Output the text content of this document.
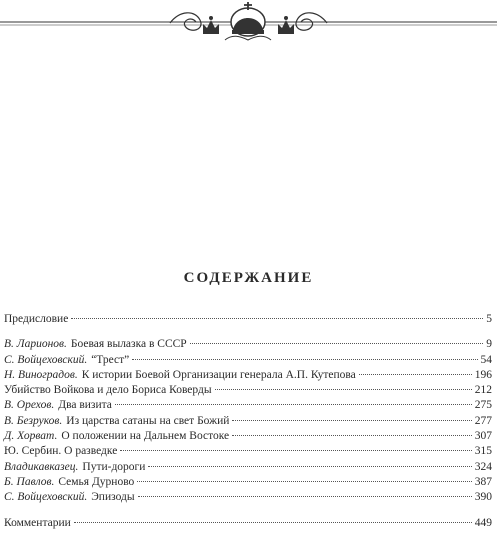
СОДЕРЖАНИЕ
Предисловие	5
В. Ларионов. Боевая вылазка в СССР	9
С. Войцеховский. “Трест”	54
Н. Виноградов. К истории Боевой Организации генерала А.П. Кутепова	196
Убийство Войкова и дело Бориса Коверды	212
В. Орехов. Два визита	275
В. Безруков. Из царства сатаны на свет Божий	277
Д. Хорват. О положении на Дальнем Востоке	307
Ю. Сербин. О разведке	315
Владикавказец. Пути-дороги	324
Б. Павлов. Семья Дурново	387
С. Войцеховский. Эпизоды	390
Комментарии	449
